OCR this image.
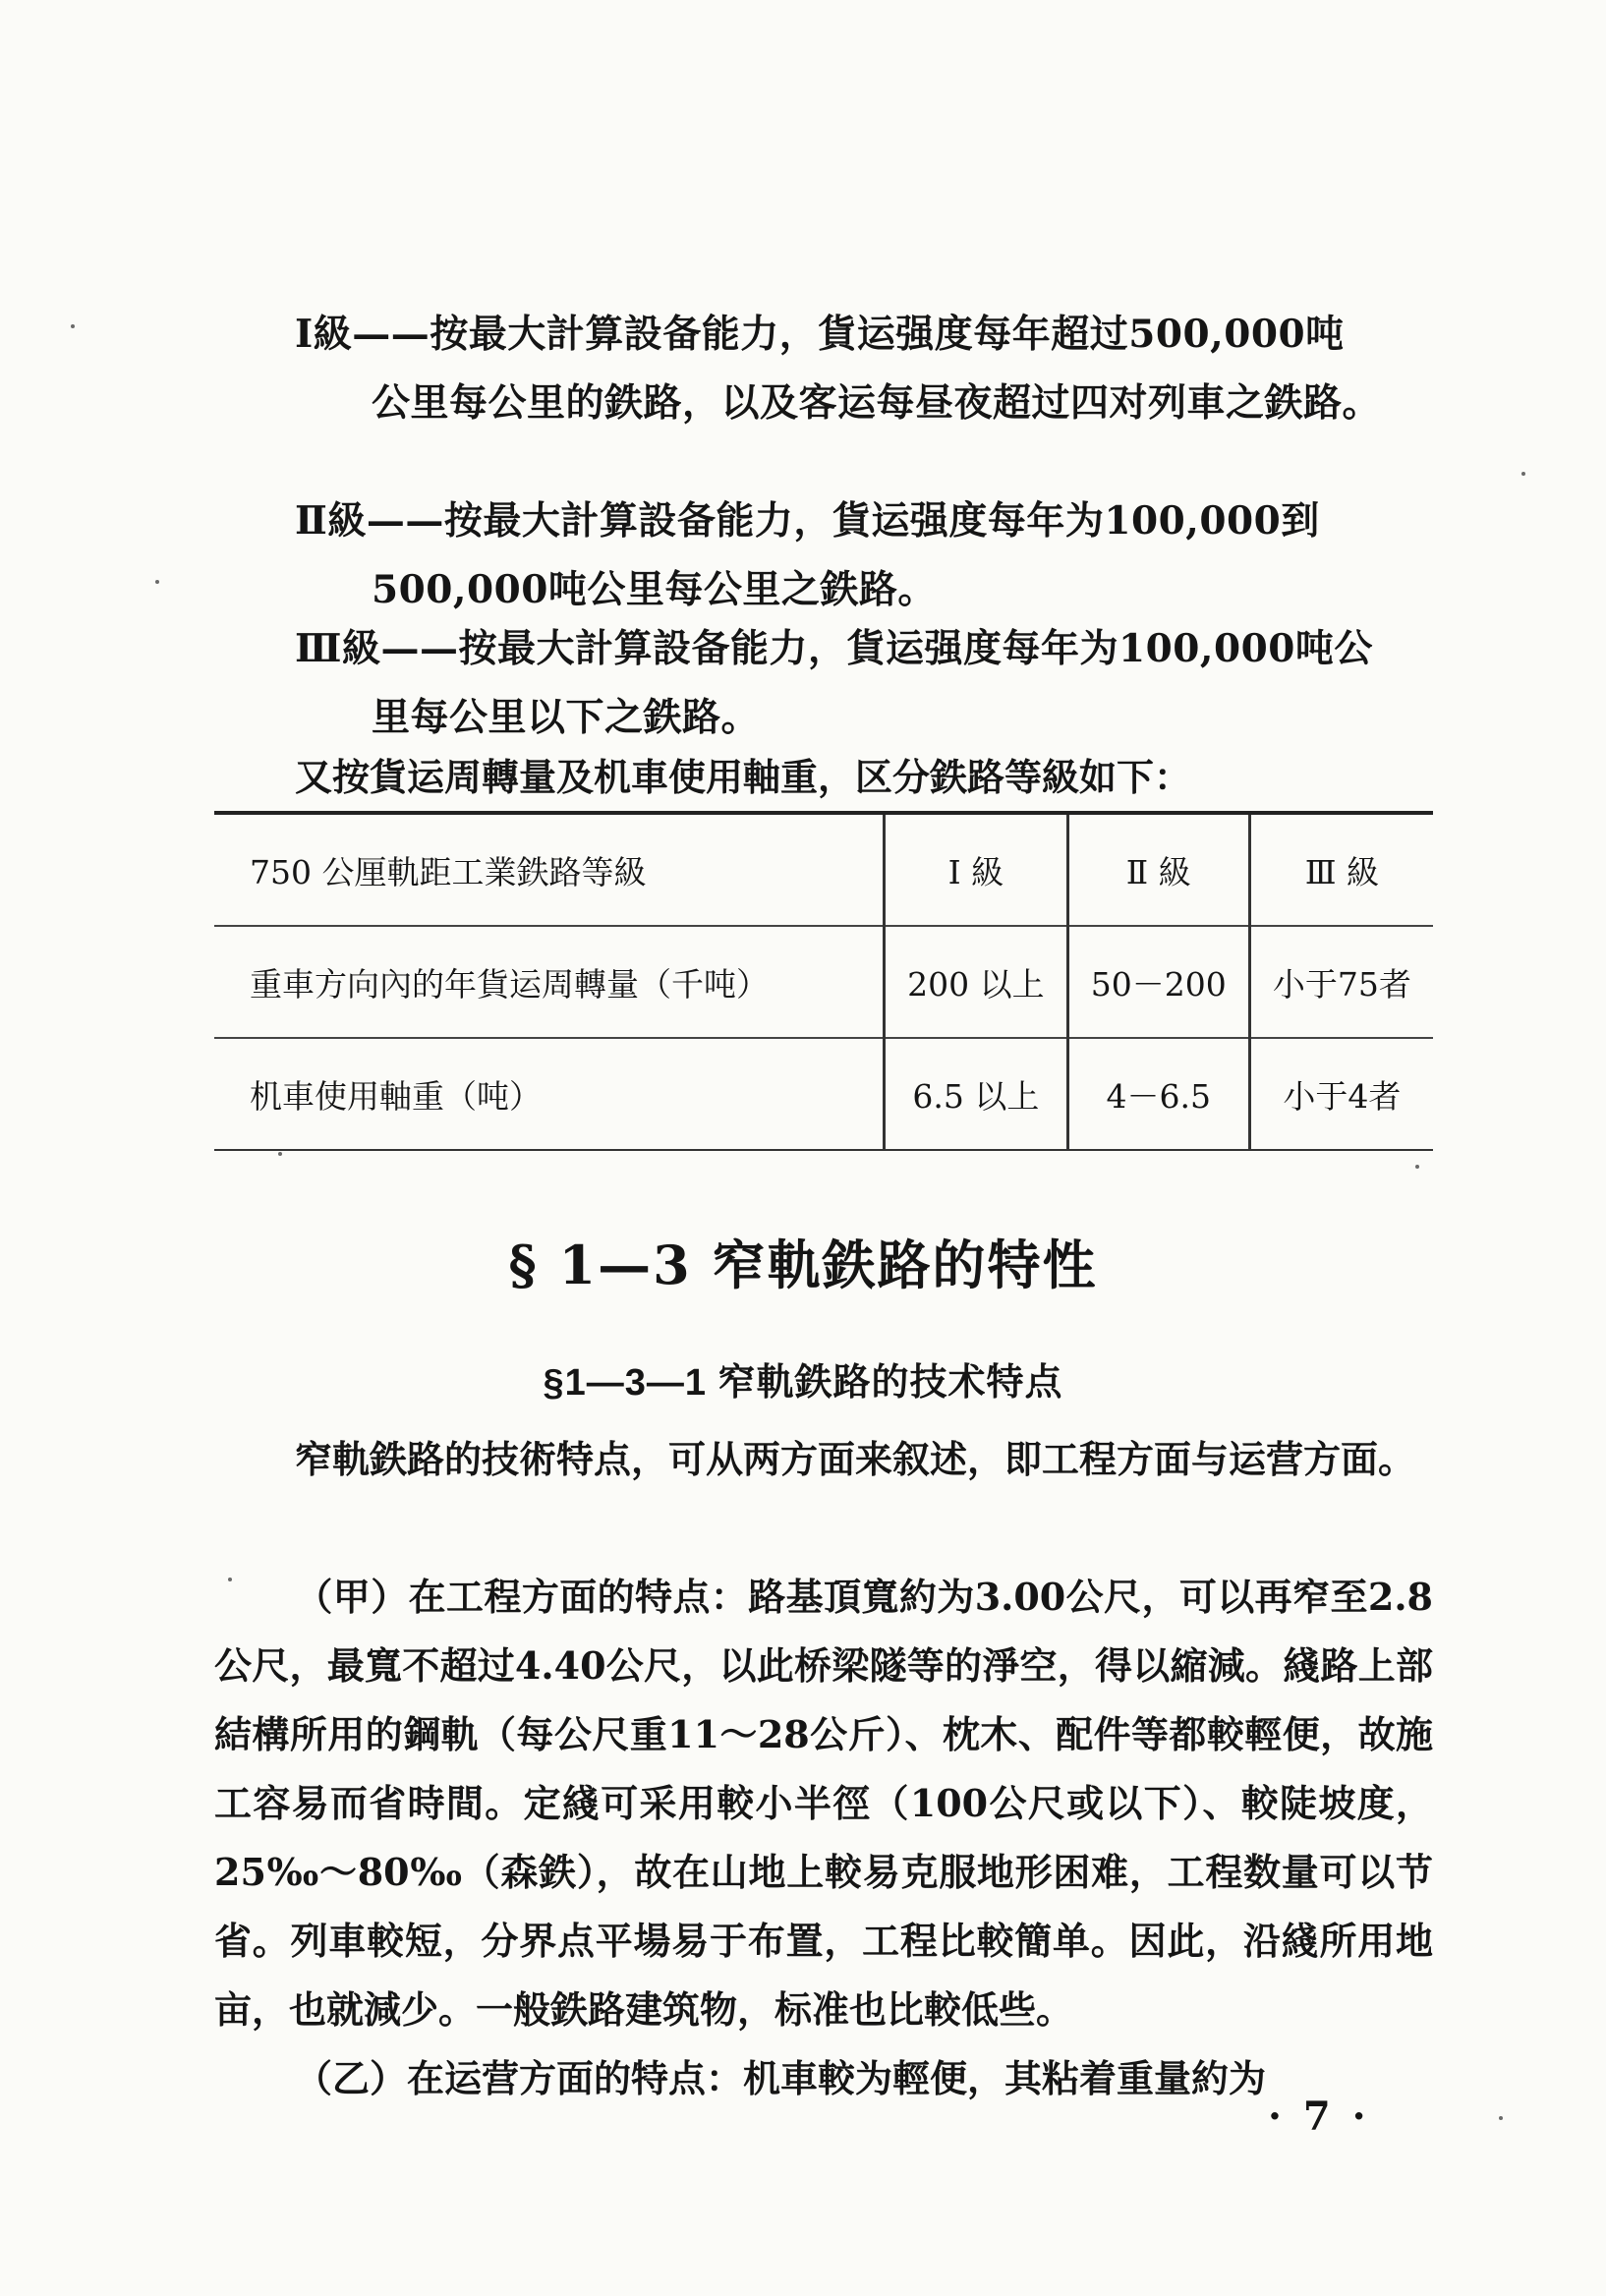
Ⅰ級——按最大計算設备能力，貨运强度每年超过500,000吨
公里每公里的鉄路，以及客运每昼夜超过四对列車之鉄路。
Ⅱ級——按最大計算設备能力，貨运强度每年为100,000到
500,000吨公里每公里之鉄路。
Ⅲ級——按最大計算設备能力，貨运强度每年为100,000吨公
里每公里以下之鉄路。
又按貨运周轉量及机車使用軸重，区分鉄路等級如下：
750 公厘軌距工業鉄路等級	Ⅰ 級	Ⅱ 級	Ⅲ 級
重車方向內的年貨运周轉量（千吨）	200 以上	50－200	小于75者
机車使用軸重（吨）	6.5 以上	4－6.5	小于4者
§ 1—3 窄軌鉄路的特性
§1—3—1 窄軌鉄路的技术特点
窄軌鉄路的技術特点，可从两方面来叙述，即工程方面与运营方面。
（甲）在工程方面的特点：路基頂寬約为3.00公尺，可以再窄至2.8公尺，最寬不超过4.40公尺，以此桥梁隧等的淨空，得以縮減。綫路上部結構所用的鋼軌（每公尺重11～28公斤）、枕木、配件等都較輕便，故施工容易而省時間。定綫可采用較小半徑（100公尺或以下）、較陡坡度，25‰～80‰（森鉄），故在山地上較易克服地形困难，工程数量可以节省。列車較短，分界点平場易于布置，工程比較簡单。因此，沿綫所用地亩，也就減少。一般鉄路建筑物，标准也比較低些。
（乙）在运营方面的特点：机車較为輕便，其粘着重量約为
· 7 ·
